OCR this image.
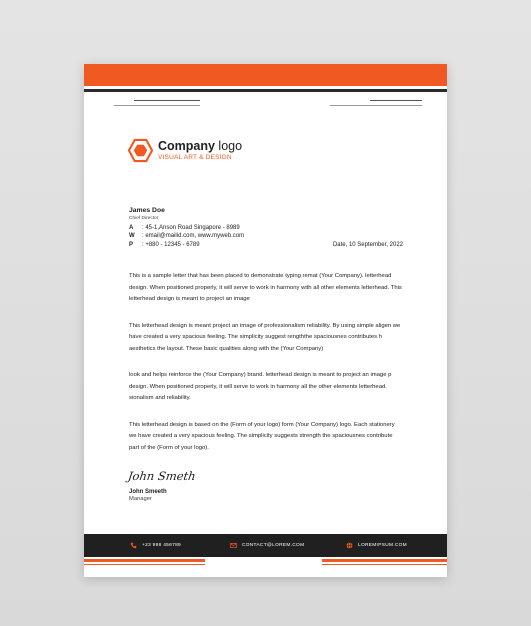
Company logo
VISUAL ART & DESIGN
James Doe
Chief Director
A	: 45-1,Anson Road Singapore - 8989
W	: email@mailid.com, www.myweb.com
P	: +880 - 12345 - 6789	Date, 10 September, 2022

This is a sample letter that has been placed to demonstrate typing remat (Your Company). letterhead design. When positioned properly, it will serve to work in harmony with all other elements letterhead. This letterhead design is meant to project an image

This letterhead design is meant project an image of professionalism reliability. By using simple aligen we have created a very spacious feeling. The simplicity suggest rengththe spaciousnes contributes h aesthetics the layout. These basic qualities along with the (Your Company)

look and helps reinforce the (Your Company) brand. letterhead design is meant to project an image p design. When positioned properly, it will serve to work in harmony all the other elements letterhead. sionalism and reliability.

This letterhead design is based on the (Form of your logo) form (Your Company) logo. Each stationery we have created a very spacious feeling. The simplicity suggests strength the spaciousnes contribute part of the (Form of your logo).

John Smeth
John Smeeth
Manager
+23 998 456789	CONTACT@LOREM.COM	LOREMIPSUM.COM
